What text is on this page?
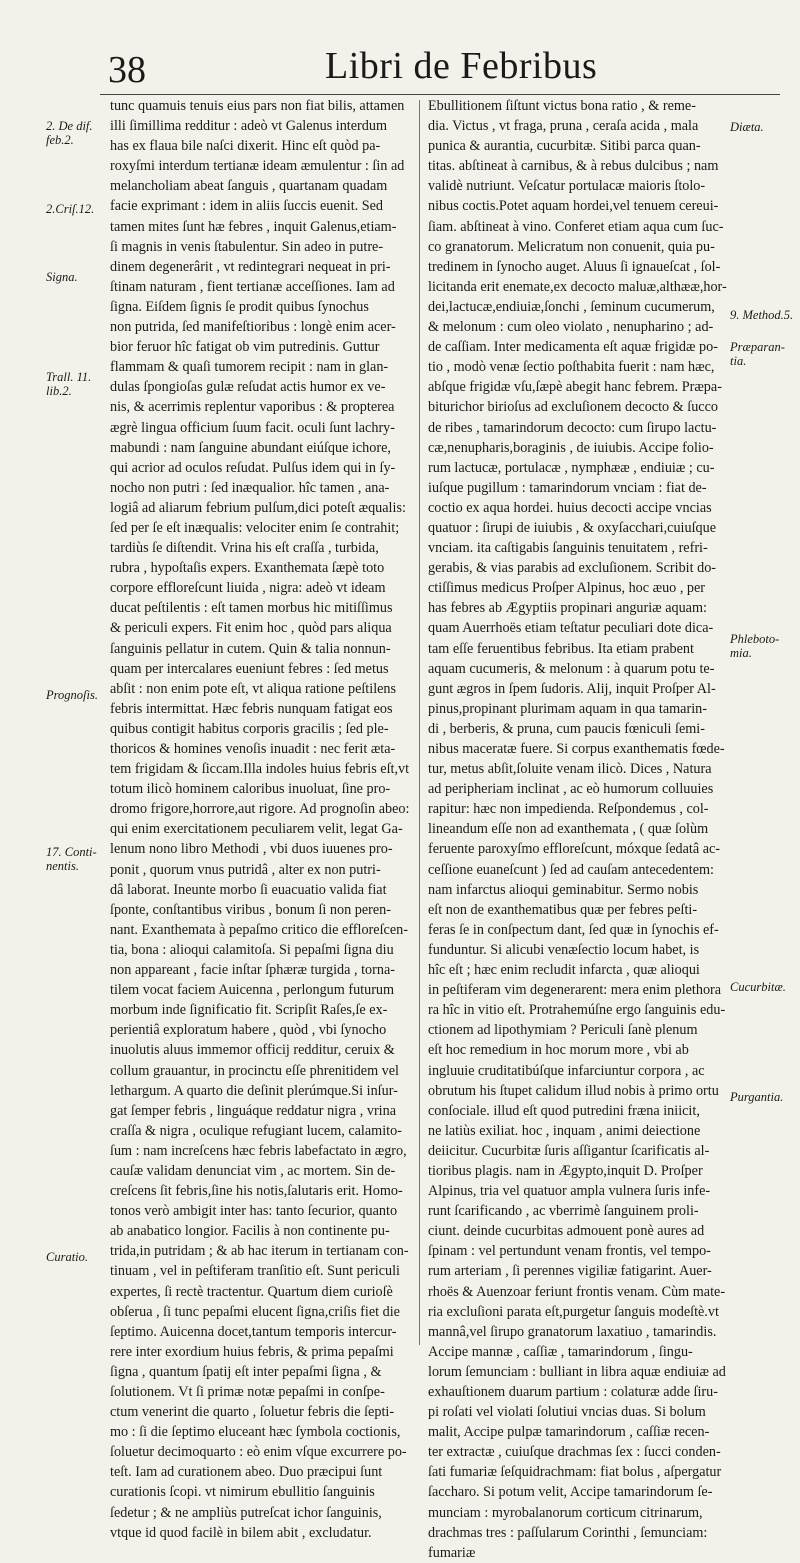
38	Libri de Febribus
tunc quamuis tenuis eius pars non fiat bilis, attamen
illi ſimillima redditur : adeò vt Galenus interdum
has ex flaua bile naſci dixerit. Hinc eſt quòd pa-
roxyſmi interdum tertianæ ideam æmulentur : ſin ad
melancholiam abeat ſanguis , quartanam quadam
facie exprimant : idem in aliis ſuccis euenit. Sed
tamen mites ſunt hæ febres , inquit Galenus,etiam-
ſi magnis in venis ſtabulentur. Sin adeo in putre-
dinem degenerârit , vt redintegrari nequeat in pri-
ſtinam naturam , fient tertianæ acceſſiones. Iam ad
ſigna. Eiſdem ſignis ſe prodit quibus ſynochus
non putrida, ſed manifeſtioribus : longè enim acer-
bior feruor hîc fatigat ob vim putredinis. Guttur
flammam & quaſi tumorem recipit : nam in glan-
dulas ſpongioſas gulæ reſudat actis humor ex ve-
nis, & acerrimis replentur vaporibus : & propterea
ægrè lingua officium ſuum facit. oculi ſunt lachry-
mabundi : nam ſanguine abundant eiúſque ichore,
qui acrior ad oculos reſudat. Pulſus idem qui in ſy-
nocho non putri : ſed inæqualior. hîc tamen , ana-
logiâ ad aliarum febrium pulſum,dici poteſt æqualis:
ſed per ſe eſt inæqualis: velociter enim ſe contrahit;
tardiùs ſe diſtendit. Vrina his eſt craſſa , turbida,
rubra , hypoſtaſis expers. Exanthemata ſæpè toto
corpore effloreſcunt liuida , nigra: adeò vt ideam
ducat peſtilentis : eſt tamen morbus hic mitiſſimus
& periculi expers. Fit enim hoc , quòd pars aliqua
ſanguinis pellatur in cutem. Quin & talia nonnun-
quam per intercalares eueniunt febres : ſed metus
abſit : non enim pote eſt, vt aliqua ratione peſtilens
febris intermittat. Hæc febris nunquam fatigat eos
quibus contigit habitus corporis gracilis ; ſed ple-
thoricos & homines venoſis inuadit : nec ferit æta-
tem frigidam & ſiccam.Illa indoles huius febris eſt,vt
totum ilicò hominem caloribus inuoluat, ſine pro-
dromo frigore,horrore,aut rigore. Ad prognoſin abeo:
qui enim exercitationem peculiarem velit, legat Ga-
lenum nono libro Methodi , vbi duos iuuenes pro-
ponit , quorum vnus putridâ , alter ex non putri-
dâ laborat. Ineunte morbo ſi euacuatio valida fiat
ſponte, conſtantibus viribus , bonum ſi non peren-
nant. Exanthemata à pepaſmo critico die effloreſcen-
tia, bona : alioqui calamitoſa. Si pepaſmi ſigna diu
non appareant , facie inſtar ſphæræ turgida , torna-
tilem vocat faciem Auicenna , perlongum futurum
morbum inde ſignificatio fit. Scripſit Raſes,ſe ex-
perientiâ exploratum habere , quòd , vbi ſynocho
inuolutis aluus immemor officij redditur, ceruix &
collum grauantur, in procinctu eſſe phrenitidem vel
lethargum. A quarto die deſinit plerúmque.Si inſur-
gat ſemper febris , linguáque reddatur nigra , vrina
craſſa & nigra , oculique refugiant lucem, calamito-
ſum : nam increſcens hæc febris labefactato in ægro,
cauſæ validam denunciat vim , ac mortem. Sin de-
creſcens ſit febris,ſine his notis,ſalutaris erit. Homo-
tonos verò ambigit inter has: tanto ſecurior, quanto
ab anabatico longior. Facilis à non continente pu-
trida,in putridam ; & ab hac iterum in tertianam con-
tinuam , vel in peſtiferam tranſitio eſt. Sunt periculi
expertes, ſi rectè tractentur. Quartum diem curioſè
obſerua , ſi tunc pepaſmi elucent ſigna,criſis fiet die
ſeptimo. Auicenna docet,tantum temporis intercur-
rere inter exordium huius febris, & prima pepaſmi
ſigna , quantum ſpatij eſt inter pepaſmi ſigna , &
ſolutionem. Vt ſi primæ notæ pepaſmi in conſpe-
ctum venerint die quarto , ſoluetur febris die ſepti-
mo : ſi die ſeptimo eluceant hæc ſymbola coctionis,
ſoluetur decimoquarto : eò enim vſque excurrere po-
teſt. Iam ad curationem abeo. Duo præcipui ſunt
curationis ſcopi. vt nimirum ebullitio ſanguinis
ſedetur ; & ne ampliùs putreſcat ichor ſanguinis,
vtque id quod facilè in bilem abit , excludatur.
Ebullitionem ſiſtunt victus bona ratio , & reme-
dia. Victus , vt fraga, pruna , ceraſa acida , mala
punica & aurantia, cucurbitæ. Sitibi parca quan-
titas. abſtineat à carnibus, & à rebus dulcibus ; nam
validè nutriunt. Veſcatur portulacæ maioris ſtolo-
nibus coctis.Potet aquam hordei,vel tenuem cereui-
ſiam. abſtineat à vino. Conferet etiam aqua cum ſuc-
co granatorum. Melicratum non conuenit, quia pu-
tredinem in ſynocho auget. Aluus ſi ignaueſcat , ſol-
licitanda erit enemate,ex decocto maluæ,althææ,hor-
dei,lactucæ,endiuiæ,ſonchi , ſeminum cucumerum,
& melonum : cum oleo violato , nenupharino ; ad-
de caſſiam. Inter medicamenta eſt aquæ frigidæ po-
tio , modò venæ ſectio poſthabita fuerit : nam hæc,
abſque frigidæ vſu,ſæpè abegit hanc febrem. Præpa-
biturichor birioſus ad excluſionem decocto & ſucco
de ribes , tamarindorum decocto: cum ſirupo lactu-
cæ,nenupharis,boraginis , de iuiubis. Accipe folio-
rum lactucæ, portulacæ , nymphææ , endiuiæ ; cu-
iuſque pugillum : tamarindorum vnciam : fiat de-
coctio ex aqua hordei. huius decocti accipe vncias
quatuor : ſirupi de iuiubis , & oxyſacchari,cuiuſque
vnciam. ita caſtigabis ſanguinis tenuitatem , refri-
gerabis, & vias parabis ad excluſionem. Scribit do-
ctiſſimus medicus Proſper Alpinus, hoc æuo , per
has febres ab Ægyptiis propinari anguriæ aquam:
quam Auerrhoës etiam teſtatur peculiari dote dica-
tam eſſe feruentibus febribus. Ita etiam prabent
aquam cucumeris, & melonum : à quarum potu te-
gunt ægros in ſpem ſudoris. Alij, inquit Proſper Al-
pinus,propinant plurimam aquam in qua tamarin-
di , berberis, & pruna, cum paucis fœniculi ſemi-
nibus maceratæ fuere. Si corpus exanthematis fœde-
tur, metus abſit,ſoluite venam ilicò. Dices , Natura
ad peripheriam inclinat , ac eò humorum colluuies
rapitur: hæc non impedienda. Reſpondemus , col-
lineandum eſſe non ad exanthemata , ( quæ ſolùm
feruente paroxyſmo effloreſcunt, móxque ſedatâ ac-
ceſſione euaneſcunt ) ſed ad cauſam antecedentem:
nam infarctus alioqui geminabitur. Sermo nobis
eſt non de exanthematibus quæ per febres peſti-
feras ſe in conſpectum dant, ſed quæ in ſynochis ef-
funduntur. Si alicubi venæſectio locum habet, is
hîc eſt ; hæc enim recludit infarcta , quæ alioqui
in peſtiferam vim degenerarent: mera enim plethora
ra hîc in vitio eſt. Protrahemúſne ergo ſanguinis edu-
ctionem ad lipothymiam ? Periculi ſanè plenum
eſt hoc remedium in hoc morum more , vbi ab
ingluuie cruditatibúſque infarciuntur corpora , ac
obrutum his ſtupet calidum illud nobis à primo ortu
conſociale. illud eſt quod putredini fræna iniicit,
ne latiùs exiliat. hoc , inquam , animi deiectione
deiicitur. Cucurbitæ ſuris aſſigantur ſcarificatis al-
tioribus plagis. nam in Ægypto,inquit D. Proſper
Alpinus, tria vel quatuor ampla vulnera ſuris infe-
runt ſcarificando , ac vberrimè ſanguinem proli-
ciunt. deinde cucurbitas admouent ponè aures ad
ſpinam : vel pertundunt venam frontis, vel tempo-
rum arteriam , ſi perennes vigiliæ fatigarint. Auer-
rhoës & Auenzoar feriunt frontis venam. Cùm mate-
ria excluſioni parata eſt,purgetur ſanguis modeſtè.vt
mannâ,vel ſirupo granatorum laxatiuo , tamarindis.
Accipe mannæ , caſſiæ , tamarindorum , ſingu-
lorum ſemunciam : bulliant in libra aquæ endiuiæ ad
exhauſtionem duarum partium : colaturæ adde ſiru-
pi roſati vel violati ſolutiui vncias duas. Si bolum
malit, Accipe pulpæ tamarindorum , caſſiæ recen-
ter extractæ , cuiuſque drachmas ſex : ſucci conden-
ſati fumariæ ſeſquidrachmam: fiat bolus , aſpergatur
ſaccharo. Si potum velit, Accipe tamarindorum ſe-
munciam : myrobalanorum corticum citrinarum,
drachmas tres : paſſularum Corinthi , ſemunciam:
fumariæ
2. De dif.
feb.2.
2.Criſ.12.
Signa.
Trall. 11.
lib.2.
Prognoſis.
17. Conti-
nentis.
Curatio.
Diæta.
9. Method.5.
Præparan-
tia.
Phleboto-
mia.
Cucurbitæ.
Purgantia.
